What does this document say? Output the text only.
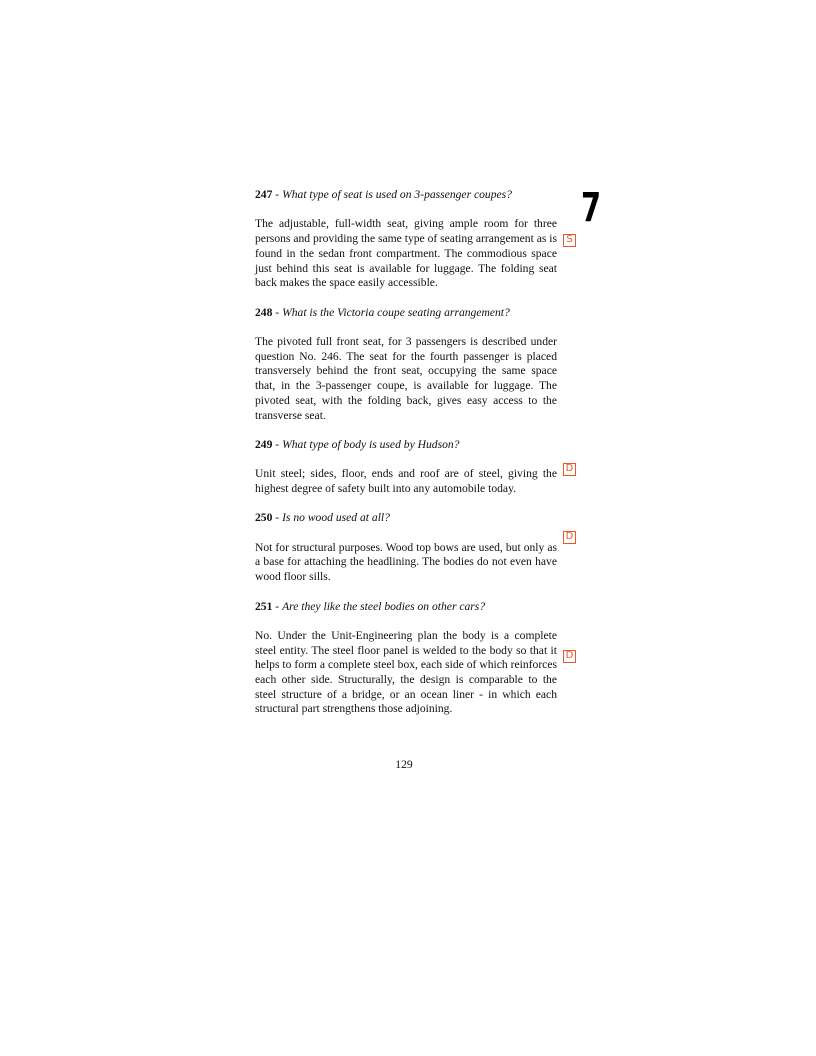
7
S
D
D
D

247 - What type of seat is used on 3-passenger coupes?

The adjustable, full-width seat, giving ample room for three persons and providing the same type of seating arrangement as is found in the sedan front compartment. The commodious space just behind this seat is available for luggage. The folding seat back makes the space easily accessible.

248 - What is the Victoria coupe seating arrangement?

The pivoted full front seat, for 3 passengers is described under question No. 246. The seat for the fourth passenger is placed transversely behind the front seat, occupying the same space that, in the 3-passenger coupe, is available for luggage. The pivoted seat, with the folding back, gives easy access to the transverse seat.

249 - What type of body is used by Hudson?

Unit steel; sides, floor, ends and roof are of steel, giving the highest degree of safety built into any automobile today.

250 - Is no wood used at all?

Not for structural purposes. Wood top bows are used, but only as a base for attaching the headlining. The bodies do not even have wood floor sills.

251 - Are they like the steel bodies on other cars?

No. Under the Unit-Engineering plan the body is a complete steel entity. The steel floor panel is welded to the body so that it helps to form a complete steel box, each side of which reinforces each other side. Structurally, the design is comparable to the steel structure of a bridge, or an ocean liner - in which each structural part strengthens those adjoining.

129
